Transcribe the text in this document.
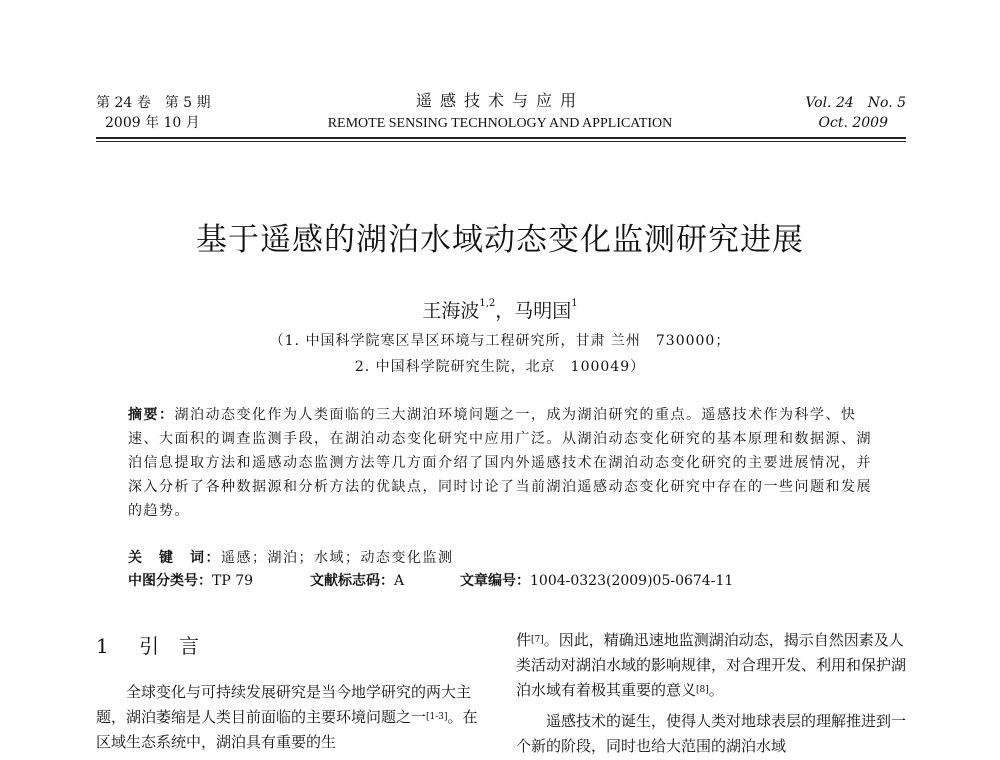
第 24 卷　第 5 期
2009 年 10 月
遥感技术与应用
REMOTE SENSING TECHNOLOGY AND APPLICATION
Vol. 24　No. 5
Oct. 2009
基于遥感的湖泊水域动态变化监测研究进展
王海波$^{1,2}$，马明国$^1$
（1. 中国科学院寒区旱区环境与工程研究所，甘肃 兰州　730000；
2. 中国科学院研究生院，北京　100049）
摘要：湖泊动态变化作为人类面临的三大湖泊环境问题之一，成为湖泊研究的重点。遥感技术作为科学、快速、大面积的调查监测手段，在湖泊动态变化研究中应用广泛。从湖泊动态变化研究的基本原理和数据源、湖泊信息提取方法和遥感动态监测方法等几方面介绍了国内外遥感技术在湖泊动态变化研究的主要进展情况，并深入分析了各种数据源和分析方法的优缺点，同时讨论了当前湖泊遥感动态变化研究中存在的一些问题和发展的趋势。
关　键　词：遥感；湖泊；水域；动态变化监测
中图分类号：TP 79	文献标志码：A	文章编号：1004-0323(2009)05-0674-11
1 引　言

全球变化与可持续发展研究是当今地学研究的两大主题，湖泊萎缩是人类目前面临的主要环境问题之一[1-3]。在区域生态系统中，湖泊具有重要的生

件[7]。因此，精确迅速地监测湖泊动态，揭示自然因素及人类活动对湖泊水域的影响规律，对合理开发、利用和保护湖泊水域有着极其重要的意义[8]。

遥感技术的诞生，使得人类对地球表层的理解推进到一个新的阶段，同时也给大范围的湖泊水域
